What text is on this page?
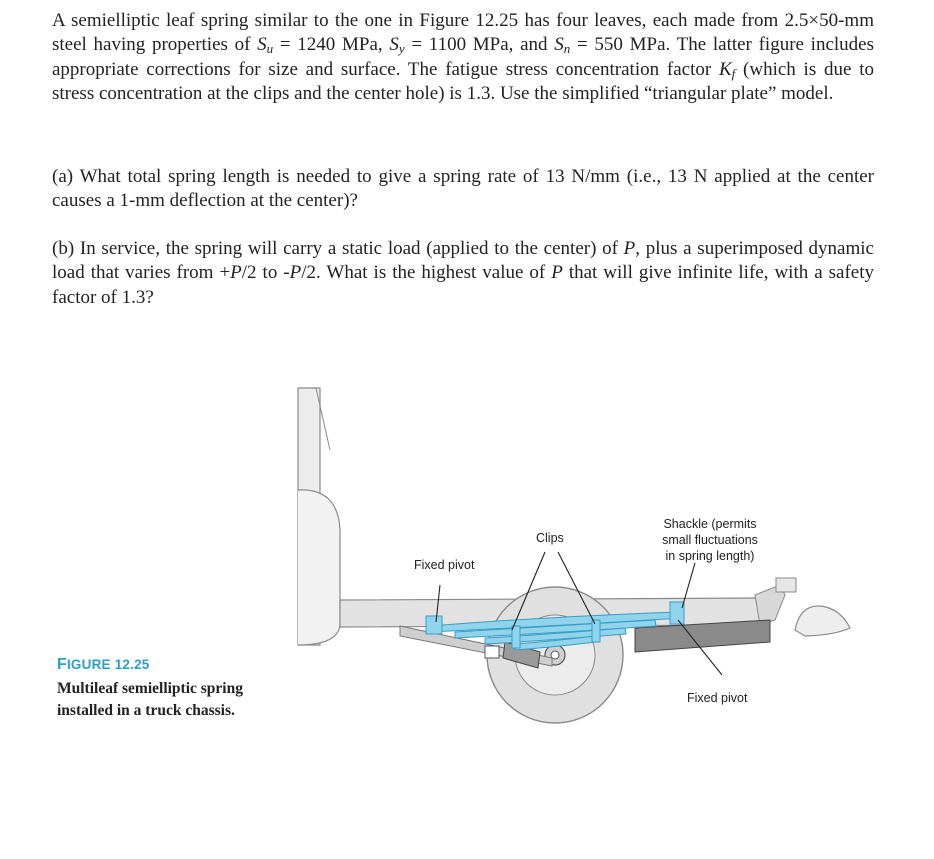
A semielliptic leaf spring similar to the one in Figure 12.25 has four leaves, each made from 2.5×50-mm steel having properties of $S_u = 1240$ MPa, $S_y = 1100$ MPa, and $S_n = 550$ MPa. The latter figure includes appropriate corrections for size and surface. The fatigue stress concentration factor $K_f$ (which is due to stress concentration at the clips and the center hole) is 1.3. Use the simplified “triangular plate” model.
(a) What total spring length is needed to give a spring rate of 13 N/mm (i.e., 13 N applied at the center causes a 1-mm deflection at the center)?
(b) In service, the spring will carry a static load (applied to the center) of P, plus a superimposed dynamic load that varies from +P/2 to -P/2. What is the highest value of P that will give infinite life, with a safety factor of 1.3?
FIGURE 12.25
Multileaf semielliptic spring
installed in a truck chassis.
Fixed pivot
Clips
Shackle (permits
small fluctuations
in spring length)
Fixed pivot
